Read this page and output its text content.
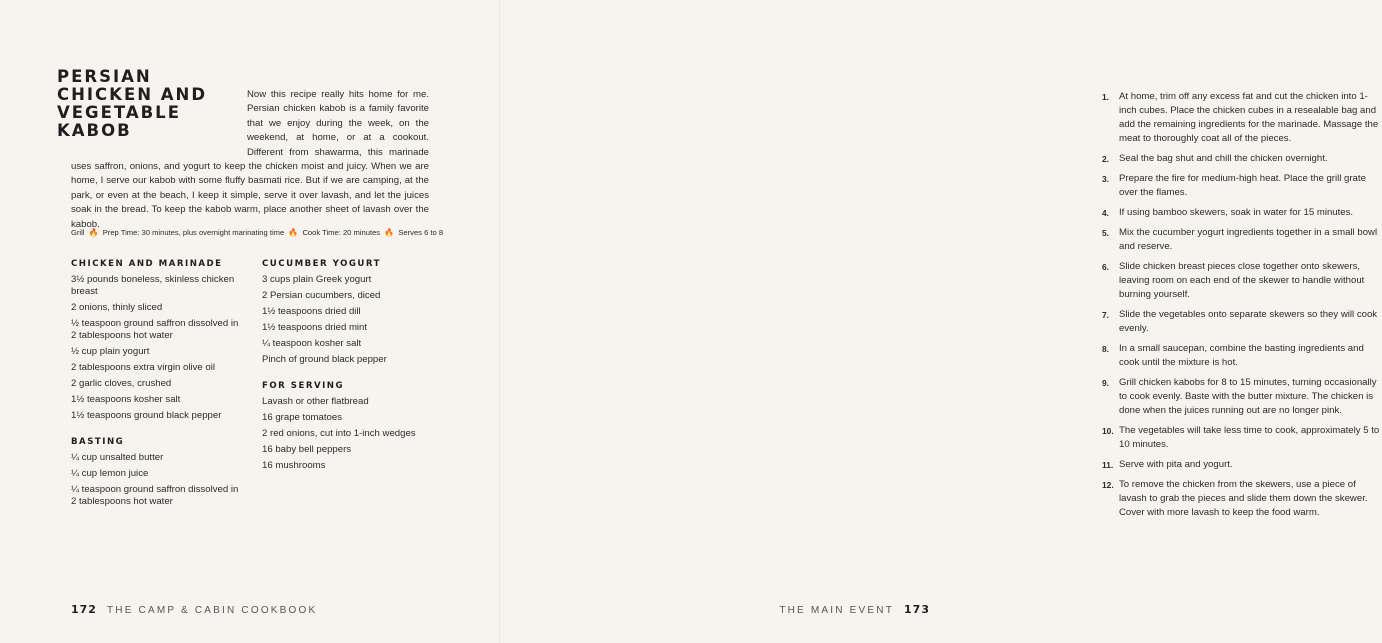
PERSIAN CHICKEN AND VEGETABLE KABOB

Now this recipe really hits home for me. Persian chicken kabob is a family favorite that we enjoy during the week, on the weekend, at home, or at a cookout. Different from shawarma, this marinade uses saffron, onions, and yogurt to keep the chicken moist and juicy. When we are home, I serve our kabob with some fluffy basmati rice. But if we are camping, at the park, or even at the beach, I keep it simple, serve it over lavash, and let the juices soak in the bread. To keep the kabob warm, place another sheet of lavash over the kabob.

Grill 🔥 Prep Time: 30 minutes, plus overnight marinating time 🔥 Cook Time: 20 minutes 🔥 Serves 6 to 8
CHICKEN AND MARINADE
3½ pounds boneless, skinless chicken breast
2 onions, thinly sliced
½ teaspoon ground saffron dissolved in 2 tablespoons hot water
½ cup plain yogurt
2 tablespoons extra virgin olive oil
2 garlic cloves, crushed
1½ teaspoons kosher salt
1½ teaspoons ground black pepper
BASTING
¼ cup unsalted butter
¼ cup lemon juice
¼ teaspoon ground saffron dissolved in 2 tablespoons hot water
CUCUMBER YOGURT
3 cups plain Greek yogurt
2 Persian cucumbers, diced
1½ teaspoons dried dill
1½ teaspoons dried mint
¼ teaspoon kosher salt
Pinch of ground black pepper
FOR SERVING
Lavash or other flatbread
16 grape tomatoes
2 red onions, cut into 1-inch wedges
16 baby bell peppers
16 mushrooms
172 THE CAMP & CABIN COOKBOOK
1. At home, trim off any excess fat and cut the chicken into 1-inch cubes. Place the chicken cubes in a resealable bag and add the remaining ingredients for the marinade. Massage the meat to thoroughly coat all of the pieces.
2. Seal the bag shut and chill the chicken overnight.
3. Prepare the fire for medium-high heat. Place the grill grate over the flames.
4. If using bamboo skewers, soak in water for 15 minutes.
5. Mix the cucumber yogurt ingredients together in a small bowl and reserve.
6. Slide chicken breast pieces close together onto skewers, leaving room on each end of the skewer to handle without burning yourself.
7. Slide the vegetables onto separate skewers so they will cook evenly.
8. In a small saucepan, combine the basting ingredients and cook until the mixture is hot.
9. Grill chicken kabobs for 8 to 15 minutes, turning occasionally to cook evenly. Baste with the butter mixture. The chicken is done when the juices running out are no longer pink.
10. The vegetables will take less time to cook, approximately 5 to 10 minutes.
11. Serve with pita and yogurt.
12. To remove the chicken from the skewers, use a piece of lavash to grab the pieces and slide them down the skewer. Cover with more lavash to keep the food warm.
THE MAIN EVENT 173
